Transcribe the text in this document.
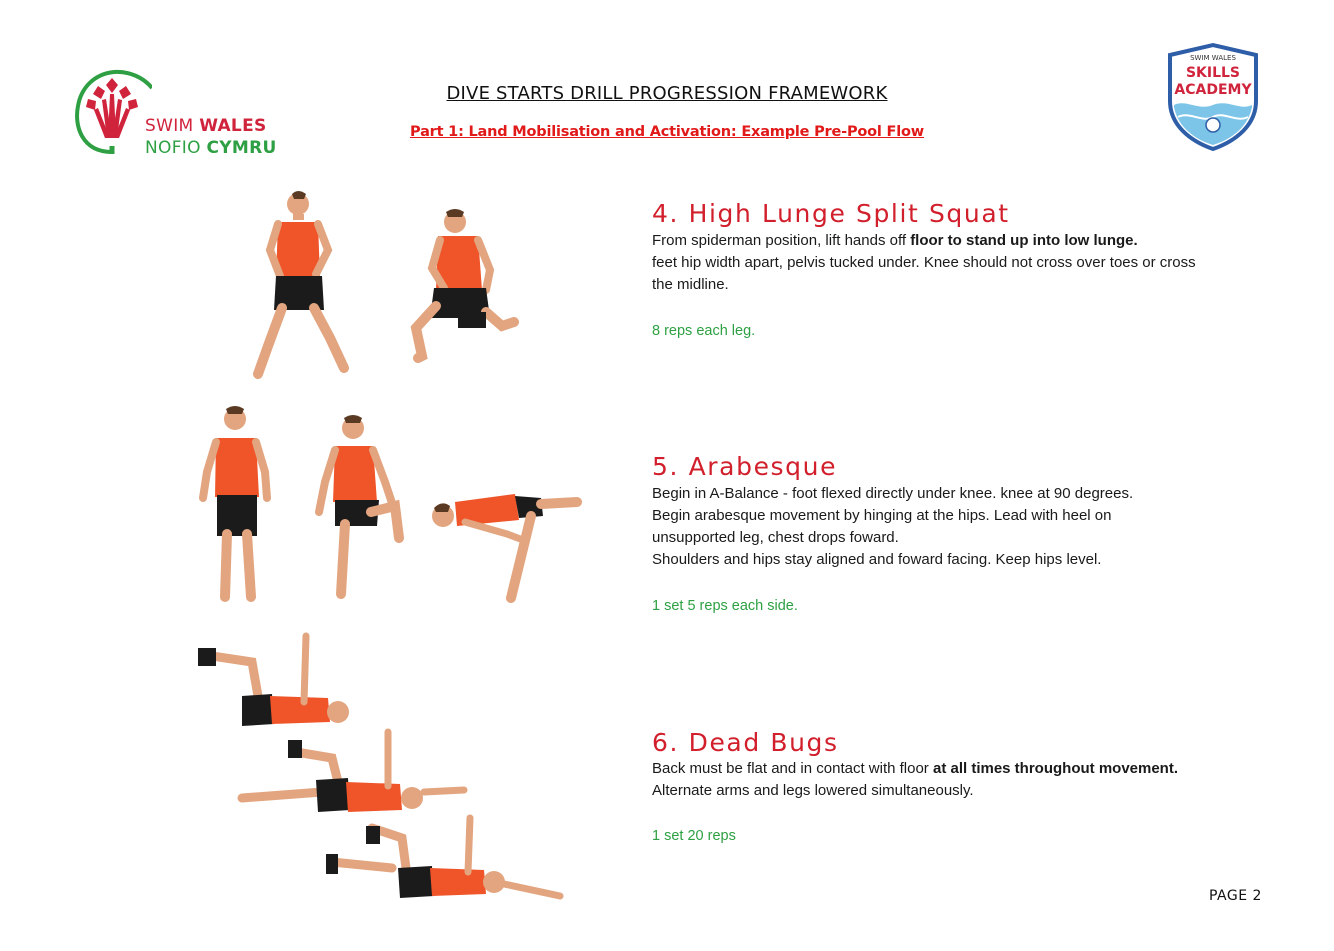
SWIM WALES
NOFIO CYMRU
SWIM WALES
SKILLS
ACADEMY
DIVE STARTS DRILL PROGRESSION FRAMEWORK
Part 1: Land Mobilisation and Activation: Example Pre-Pool Flow
4. High Lunge Split Squat

From spiderman position, lift hands off floor to stand up into low lunge.

feet hip width apart, pelvis tucked under. Knee should not cross over toes or cross the midline.

8 reps each leg.
5. Arabesque

Begin in A-Balance - foot flexed directly under knee. knee at 90 degrees.

Begin arabesque movement by hinging at the hips. Lead with heel on unsupported leg, chest drops foward.

Shoulders and hips stay aligned and foward facing. Keep hips level.

1 set 5 reps each side.
6. Dead Bugs

Back must be flat and in contact with floor at all times throughout movement.

Alternate arms and legs lowered simultaneously.

1 set 20 reps
PAGE 2
